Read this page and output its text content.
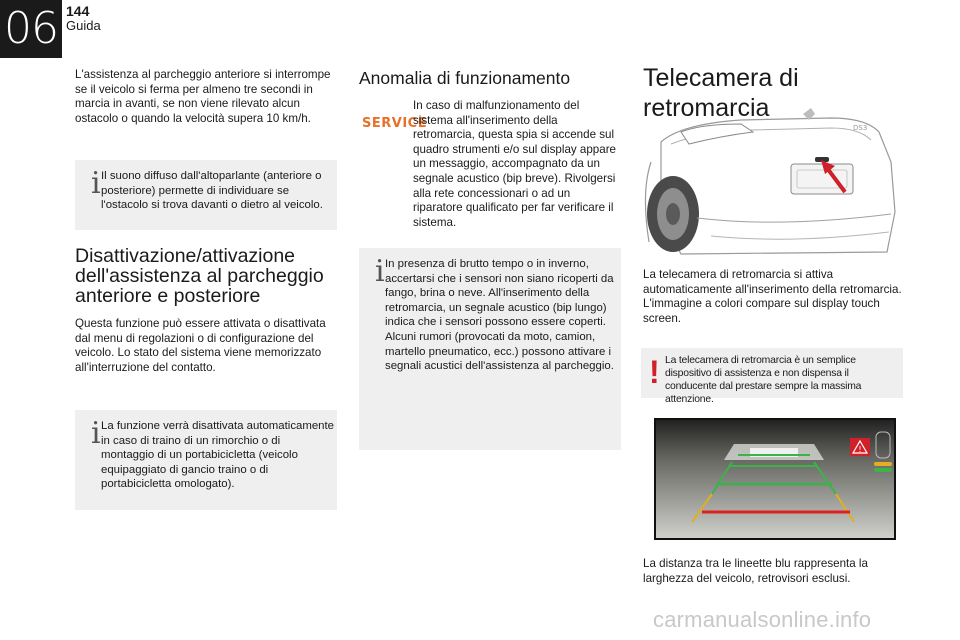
06 144
Guida

L'assistenza al parcheggio anteriore si interrompe se il veicolo si ferma per almeno tre secondi in marcia in avanti, se non viene rilevato alcun ostacolo o quando la velocità supera 10 km/h.

i Il suono diffuso dall'altoparlante (anteriore o posteriore) permette di individuare se l'ostacolo si trova davanti o dietro al veicolo.

Disattivazione/attivazione dell'assistenza al parcheggio anteriore e posteriore

Questa funzione può essere attivata o disattivata dal menu di regolazioni o di configurazione del veicolo. Lo stato del sistema viene memorizzato all'interruzione del contatto.

i La funzione verrà disattivata automaticamente in caso di traino di un rimorchio o di montaggio di un portabicicletta (veicolo equipaggiato di gancio traino o di portabicicletta omologato).

Anomalia di funzionamento
SERVICE

In caso di malfunzionamento del sistema all'inserimento della retromarcia, questa spia si accende sul quadro strumenti e/o sul display appare un messaggio, accompagnato da un segnale acustico (bip breve). Rivolgersi alla rete concessionari o ad un riparatore qualificato per far verificare il sistema.

i In presenza di brutto tempo o in inverno, accertarsi che i sensori non siano ricoperti da fango, brina o neve. All'inserimento della retromarcia, un segnale acustico (bip lungo) indica che i sensori possono essere coperti. Alcuni rumori (provocati da moto, camion, martello pneumatico, ecc.) possono attivare i segnali acustici dell'assistenza al parcheggio.

Telecamera di retromarcia
DS3

La telecamera di retromarcia si attiva automaticamente all'inserimento della retromarcia. L'immagine a colori compare sul display touch screen.

! La telecamera di retromarcia è un semplice dispositivo di assistenza e non dispensa il conducente dal prestare sempre la massima attenzione.

!

La distanza tra le lineette blu rappresenta la larghezza del veicolo, retrovisori esclusi.

carmanualsonline.info
